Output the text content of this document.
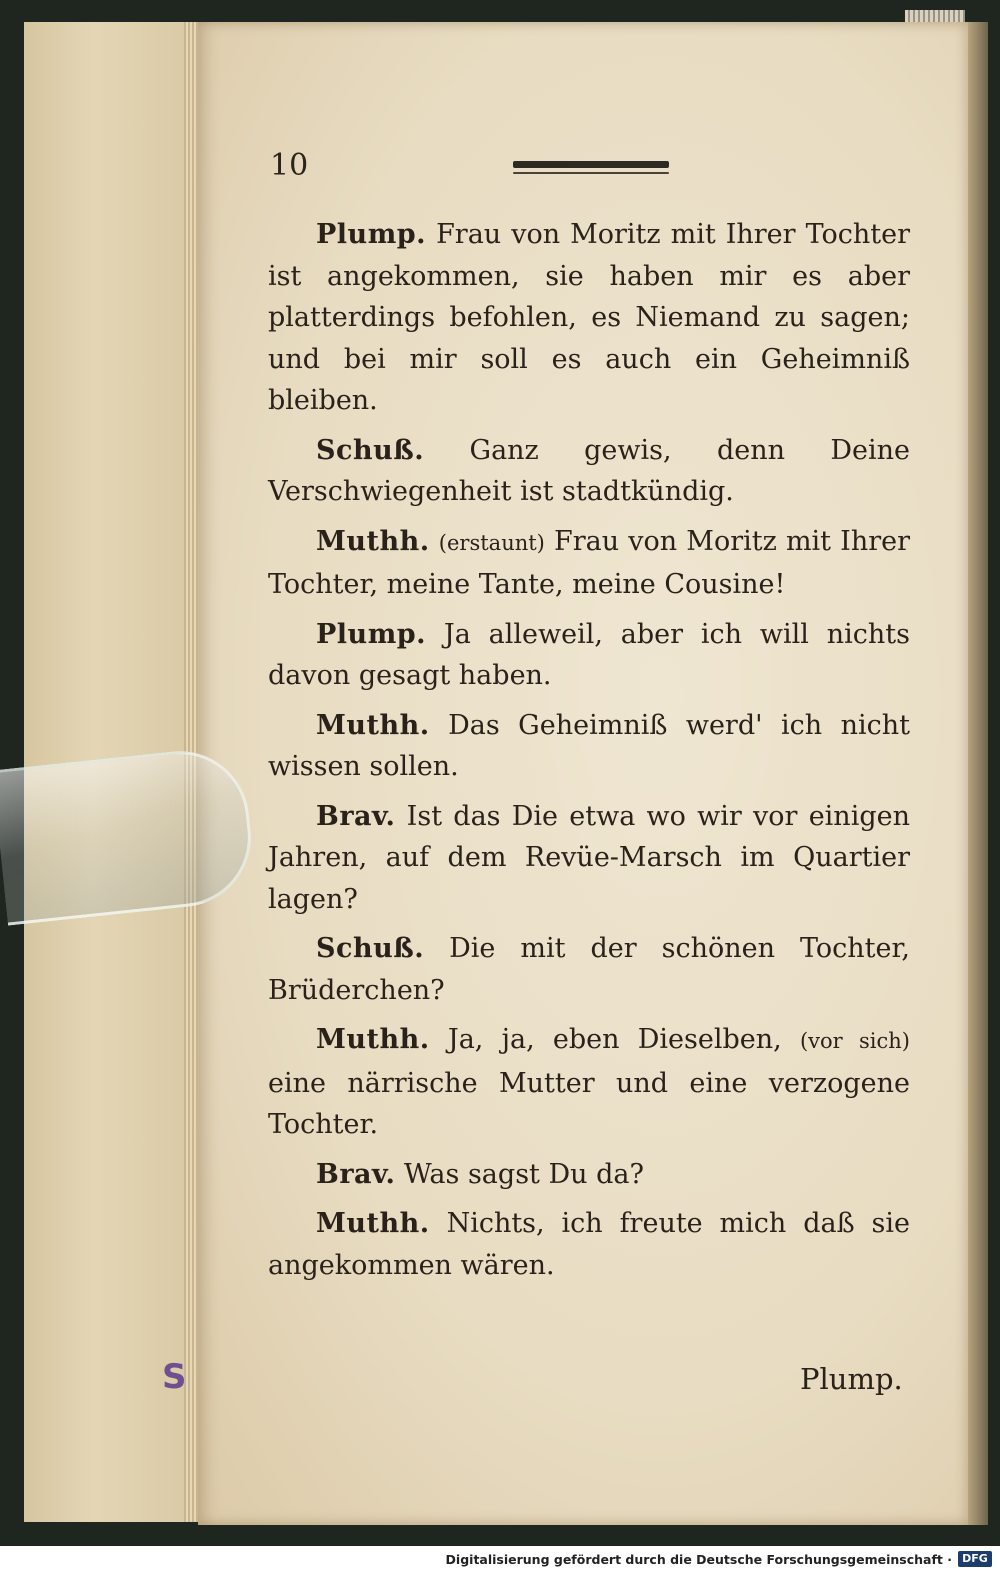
S
10

Plump. Frau von Moritz mit Ihrer Tochter ist angekommen, sie haben mir es aber platterdings befohlen, es Niemand zu sagen; und bei mir soll es auch ein Geheimniß bleiben.

Schuß. Ganz gewis, denn Deine Verschwiegenheit ist stadtkündig.

Muthh. (erstaunt) Frau von Moritz mit Ihrer Tochter, meine Tante, meine Cousine!

Plump. Ja alleweil, aber ich will nichts davon gesagt haben.

Muthh. Das Geheimniß werd' ich nicht wissen sollen.

Brav. Ist das Die etwa wo wir vor einigen Jahren, auf dem Revüe-Marsch im Quartier lagen?

Schuß. Die mit der schönen Tochter, Brüderchen?

Muthh. Ja, ja, eben Dieselben, (vor sich) eine närrische Mutter und eine verzogene Tochter.

Brav. Was sagst Du da?

Muthh. Nichts, ich freute mich daß sie angekommen wären.

Plump.
Digitalisierung gefördert durch die Deutsche Forschungsgemeinschaft · DFG
